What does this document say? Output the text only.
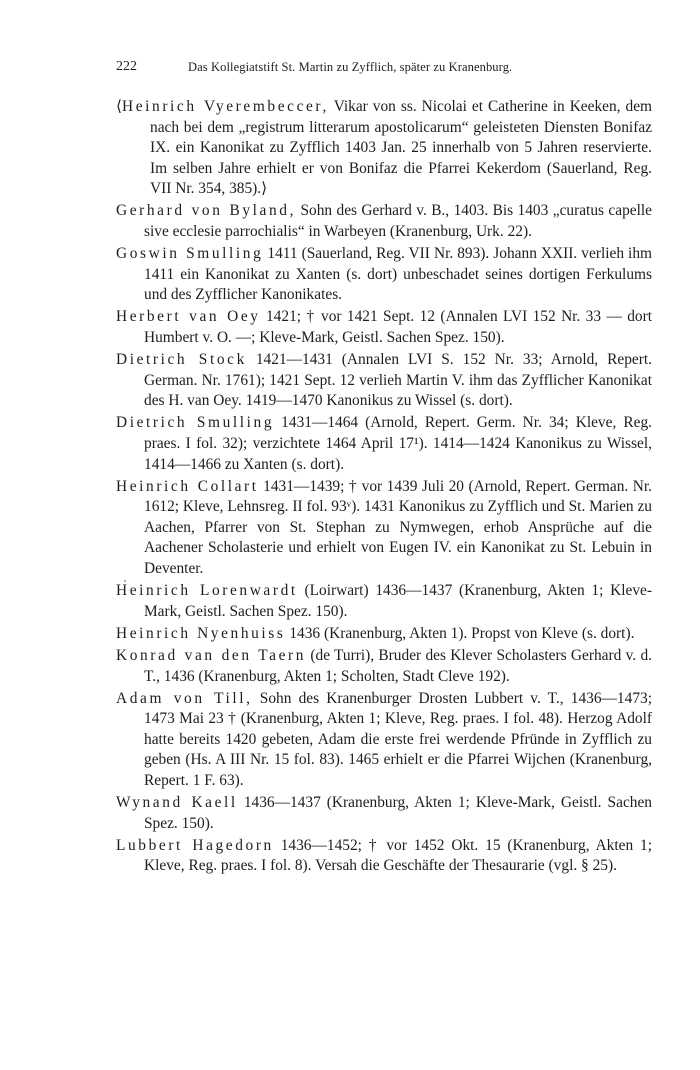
222	Das Kollegiatstift St. Martin zu Zyfflich, später zu Kranenburg.

⟨Heinrich Vyerembeccer, Vikar von ss. Nicolai et Catherine in Keeken, dem nach bei dem „registrum litterarum apostolicarum“ geleisteten Diensten Bonifaz IX. ein Kanonikat zu Zyfflich 1403 Jan. 25 innerhalb von 5 Jahren reservierte. Im selben Jahre erhielt er von Bonifaz die Pfarrei Kekerdom (Sauerland, Reg. VII Nr. 354, 385).⟩

Gerhard von Byland, Sohn des Gerhard v. B., 1403. Bis 1403 „curatus capelle sive ecclesie parrochialis“ in Warbeyen (Kranenburg, Urk. 22).

Goswin Smulling 1411 (Sauerland, Reg. VII Nr. 893). Johann XXII. verlieh ihm 1411 ein Kanonikat zu Xanten (s. dort) unbeschadet seines dortigen Ferkulums und des Zyfflicher Kanonikates.

Herbert van Oey 1421; † vor 1421 Sept. 12 (Annalen LVI 152 Nr. 33 — dort Humbert v. O. —; Kleve-Mark, Geistl. Sachen Spez. 150).

Dietrich Stock 1421—1431 (Annalen LVI S. 152 Nr. 33; Arnold, Repert. German. Nr. 1761); 1421 Sept. 12 verlieh Martin V. ihm das Zyfflicher Kanonikat des H. van Oey. 1419—1470 Kanonikus zu Wissel (s. dort).

Dietrich Smulling 1431—1464 (Arnold, Repert. Germ. Nr. 34; Kleve, Reg. praes. I fol. 32); verzichtete 1464 April 17¹). 1414—1424 Kanonikus zu Wissel, 1414—1466 zu Xanten (s. dort).

Heinrich Collart 1431—1439; † vor 1439 Juli 20 (Arnold, Repert. German. Nr. 1612; Kleve, Lehnsreg. II fol. 93ᵛ). 1431 Kanonikus zu Zyfflich und St. Marien zu Aachen, Pfarrer von St. Stephan zu Nymwegen, erhob Ansprüche auf die Aachener Scholasterie und erhielt von Eugen IV. ein Kanonikat zu St. Lebuin in Deventer.

Heinrich Lorenwardt (Loirwart) 1436—1437 (Kranenburg, Akten 1; Kleve-Mark, Geistl. Sachen Spez. 150).

Heinrich Nyenhuiss 1436 (Kranenburg, Akten 1). Propst von Kleve (s. dort).

Konrad van den Taern (de Turri), Bruder des Klever Scholasters Gerhard v. d. T., 1436 (Kranenburg, Akten 1; Scholten, Stadt Cleve 192).

Adam von Till, Sohn des Kranenburger Drosten Lubbert v. T., 1436—1473; 1473 Mai 23 † (Kranenburg, Akten 1; Kleve, Reg. praes. I fol. 48). Herzog Adolf hatte bereits 1420 gebeten, Adam die erste frei werdende Pfründe in Zyfflich zu geben (Hs. A III Nr. 15 fol. 83). 1465 erhielt er die Pfarrei Wijchen (Kranenburg, Repert. 1 F. 63).

Wynand Kaell 1436—1437 (Kranenburg, Akten 1; Kleve-Mark, Geistl. Sachen Spez. 150).

Lubbert Hagedorn 1436—1452; † vor 1452 Okt. 15 (Kranenburg, Akten 1; Kleve, Reg. praes. I fol. 8). Versah die Geschäfte der Thesaurarie (vgl. § 25).
